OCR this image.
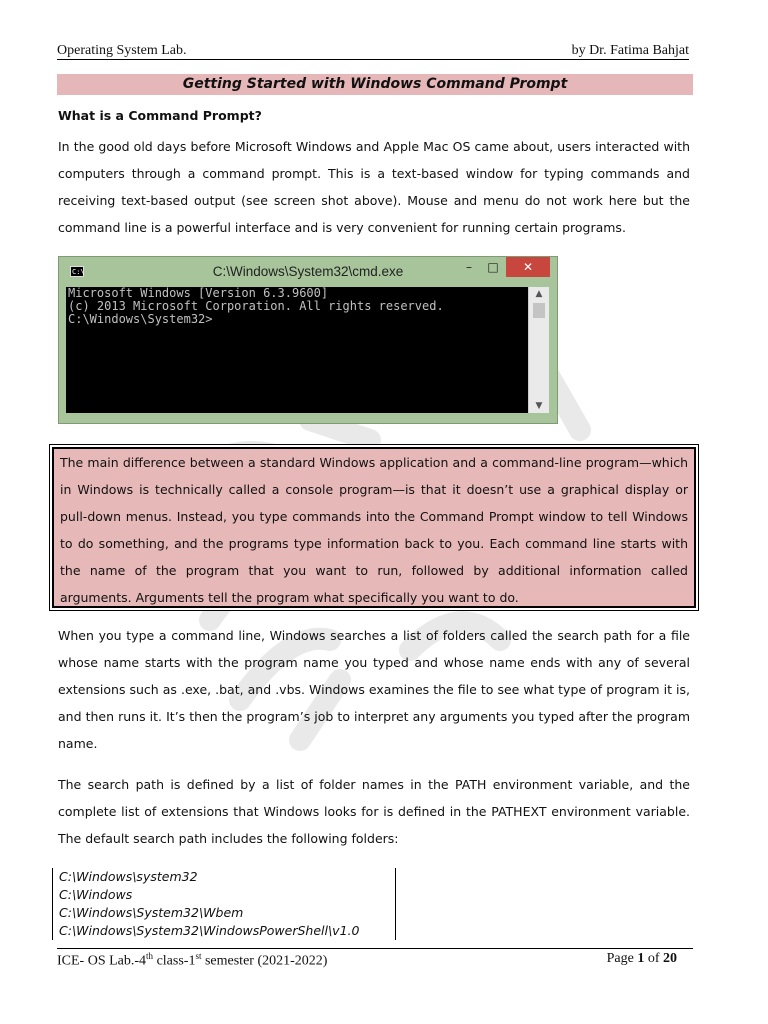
Operating System Lab.	by Dr. Fatima Bahjat
Getting Started with Windows Command Prompt
What is a Command Prompt?
In the good old days before Microsoft Windows and Apple Mac OS came about, users interacted with computers through a command prompt. This is a text-based window for typing commands and receiving text-based output (see screen shot above). Mouse and menu do not work here but the command line is a powerful interface and is very convenient for running certain programs.
C:\	C:\Windows\System32\cmd.exe	–	□	✕
Microsoft Windows [Version 6.3.9600]
(c) 2013 Microsoft Corporation. All rights reserved.
C:\Windows\System32>
▲
▼
The main difference between a standard Windows application and a command-line program—which in Windows is technically called a console program—is that it doesn’t use a graphical display or pull-down menus. Instead, you type commands into the Command Prompt window to tell Windows to do something, and the programs type information back to you. Each command line starts with the name of the program that you want to run, followed by additional information called arguments. Arguments tell the program what specifically you want to do.
When you type a command line, Windows searches a list of folders called the search path for a file whose name starts with the program name you typed and whose name ends with any of several extensions such as .exe, .bat, and .vbs. Windows examines the file to see what type of program it is, and then runs it. It’s then the program’s job to interpret any arguments you typed after the program name.
The search path is defined by a list of folder names in the PATH environment variable, and the complete list of extensions that Windows looks for is defined in the PATHEXT environment variable. The default search path includes the following folders:
C:\Windows\system32
C:\Windows
C:\Windows\System32\Wbem
C:\Windows\System32\WindowsPowerShell\v1.0
ICE- OS Lab.-4th class-1st semester (2021-2022)	Page 1 of 20
